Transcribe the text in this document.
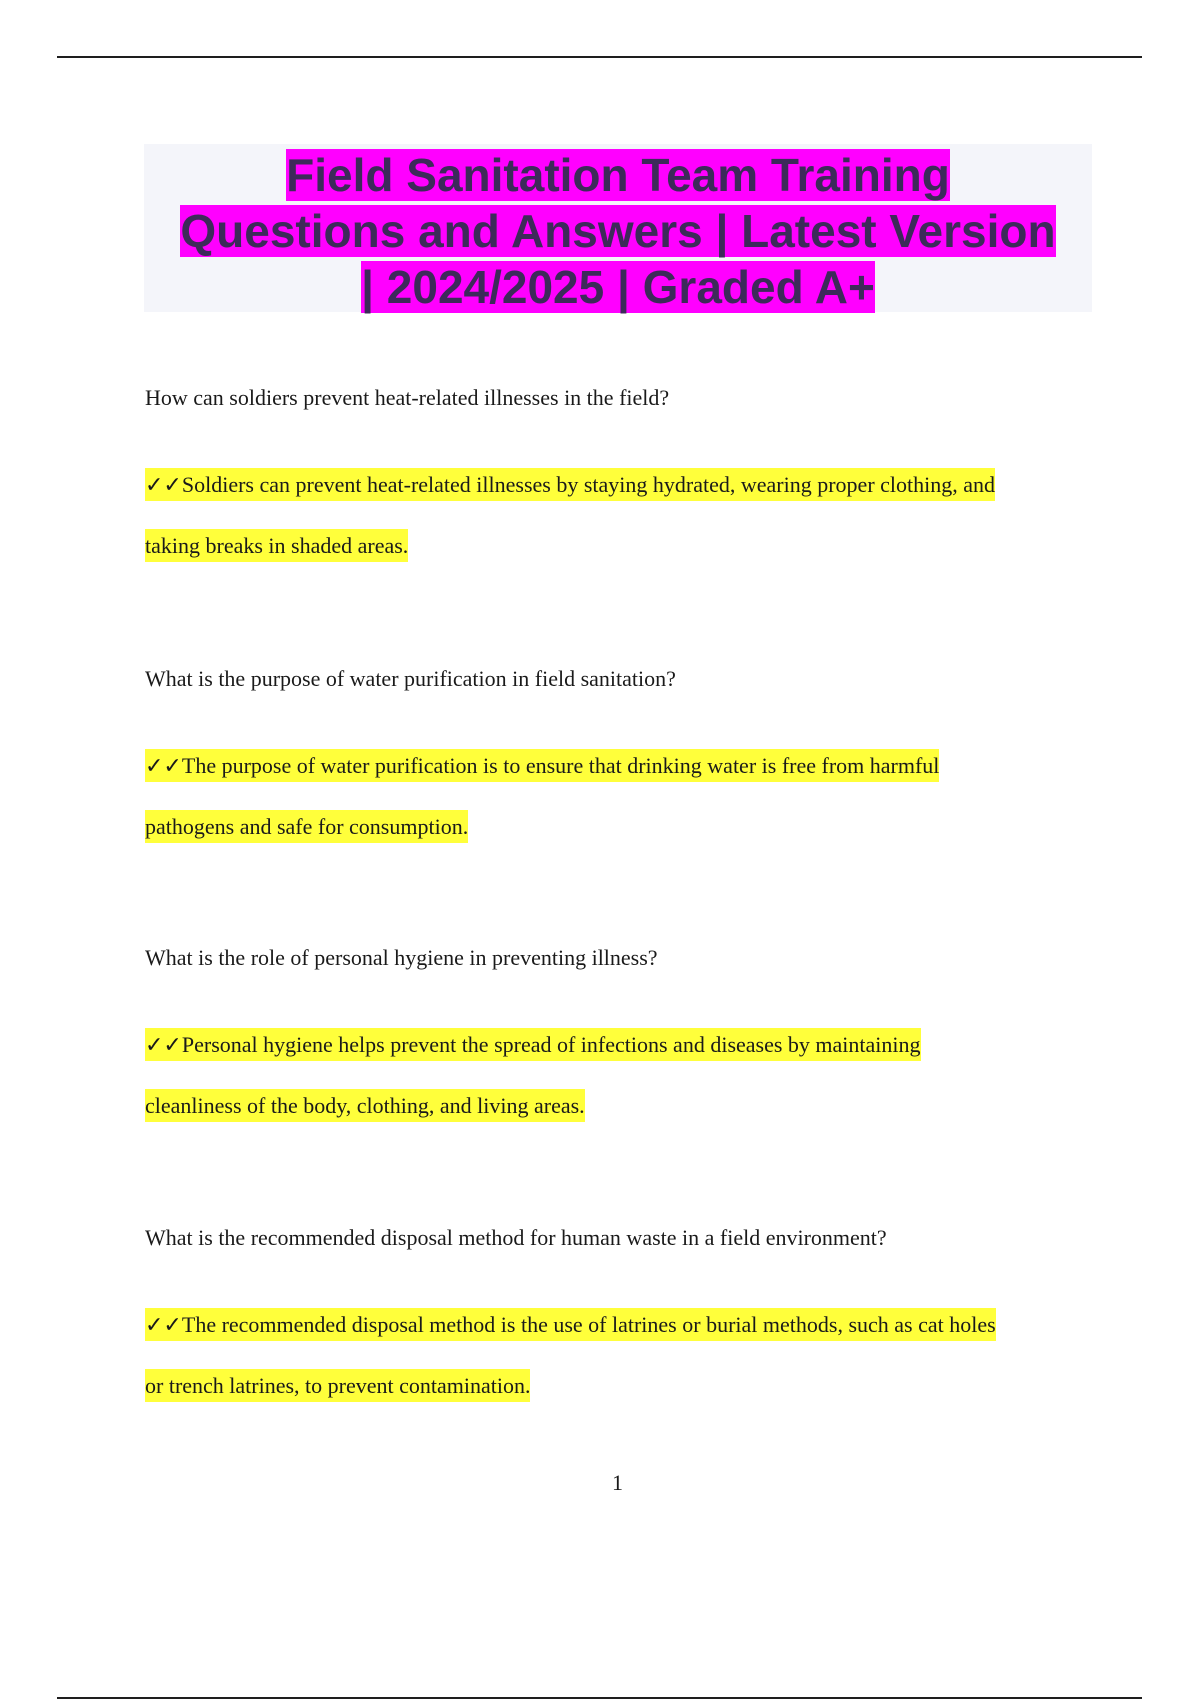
Field Sanitation Team Training
Questions and Answers | Latest Version
| 2024/2025 | Graded A+

How can soldiers prevent heat-related illnesses in the field?

✓✓Soldiers can prevent heat-related illnesses by staying hydrated, wearing proper clothing, and
taking breaks in shaded areas.

What is the purpose of water purification in field sanitation?

✓✓The purpose of water purification is to ensure that drinking water is free from harmful
pathogens and safe for consumption.

What is the role of personal hygiene in preventing illness?

✓✓Personal hygiene helps prevent the spread of infections and diseases by maintaining
cleanliness of the body, clothing, and living areas.

What is the recommended disposal method for human waste in a field environment?

✓✓The recommended disposal method is the use of latrines or burial methods, such as cat holes
or trench latrines, to prevent contamination.

1
